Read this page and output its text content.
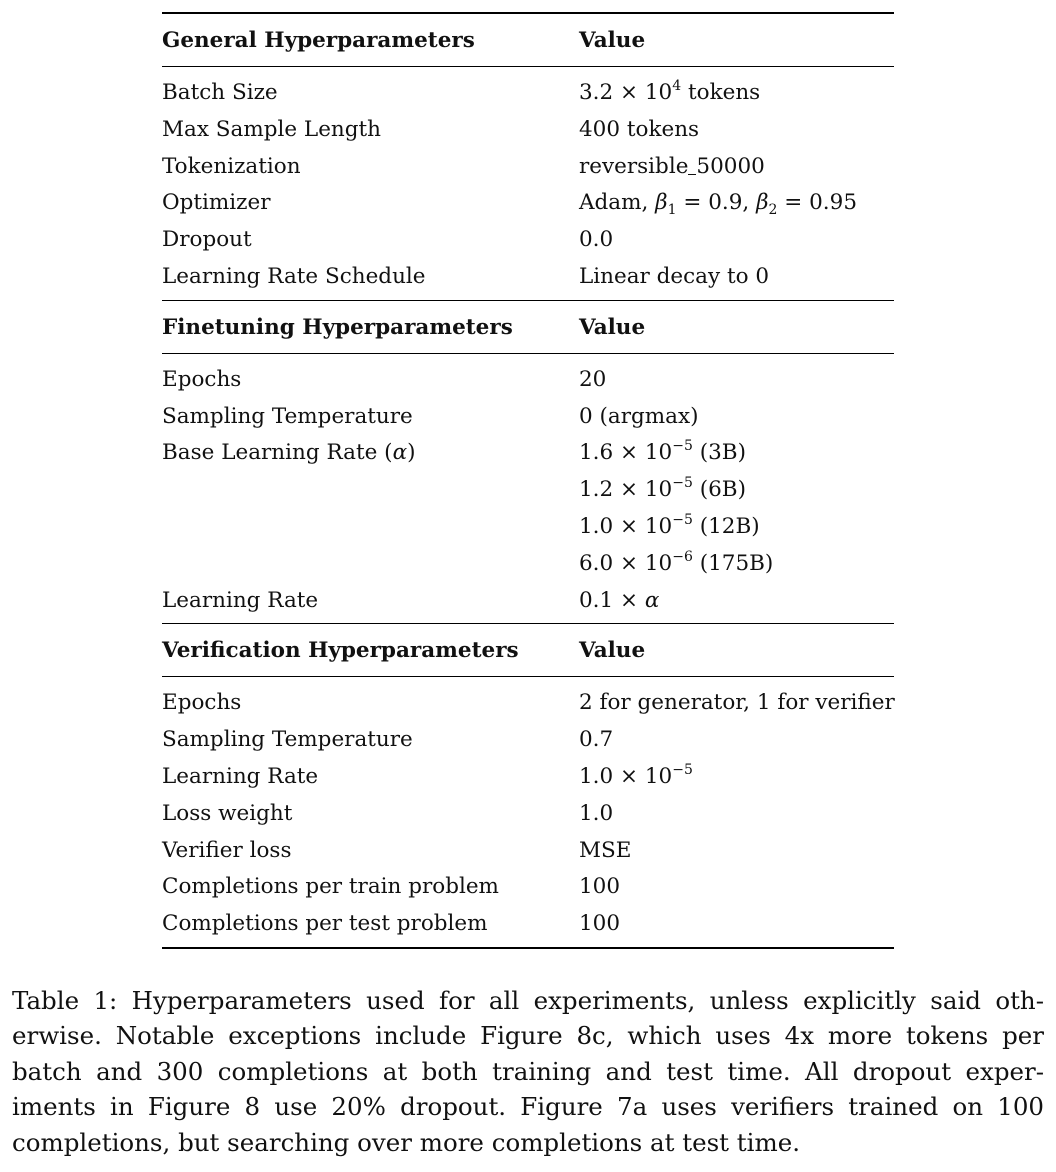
General Hyperparameters	Value
Batch Size	$3.2 \times 10^4$ tokens
Max Sample Length	400 tokens
Tokenization	reversible 50000
Optimizer	Adam, $\beta_1 = 0.9$, $\beta_2 = 0.95$
Dropout	0.0
Learning Rate Schedule	Linear decay to 0
Finetuning Hyperparameters	Value
Epochs	20
Sampling Temperature	0 (argmax)
Base Learning Rate (α)	$1.6 \times 10^{-5}$ (3B)
$1.2 \times 10^{-5}$ (6B)
$1.0 \times 10^{-5}$ (12B)
$6.0 \times 10^{-6}$ (175B)
Learning Rate	0.1 × α
Verification Hyperparameters	Value
Epochs	2 for generator, 1 for verifier
Sampling Temperature	0.7
Learning Rate	$1.0 \times 10^{-5}$
Loss weight	1.0
Verifier loss	MSE
Completions per train problem	100
Completions per test problem	100
Table 1: Hyperparameters used for all experiments, unless explicitly said oth-
erwise. Notable exceptions include Figure 8c, which uses 4x more tokens per
batch and 300 completions at both training and test time. All dropout exper-
iments in Figure 8 use 20% dropout. Figure 7a uses verifiers trained on 100
completions, but searching over more completions at test time.
